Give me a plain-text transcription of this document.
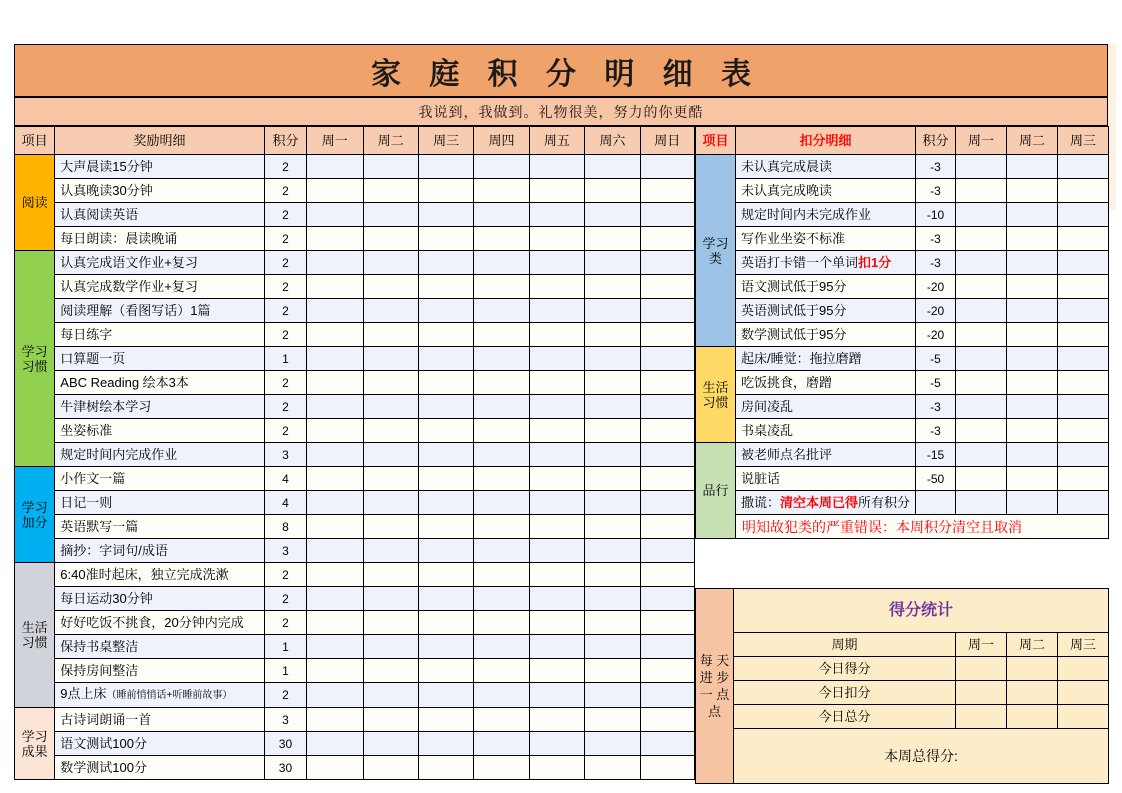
家 庭 积 分 明 细 表
我说到，我做到。礼物很美，努力的你更酷
项目	奖励明细	积分	周一	周二	周三	周四	周五	周六	周日
阅读	大声晨读15分钟	2							
	认真晚读30分钟	2							
	认真阅读英语	2							
	每日朗读：晨读晚诵	2							
学习习惯	认真完成语文作业+复习	2							
	认真完成数学作业+复习	2							
	阅读理解（看图写话）1篇	2							
	每日练字	2							
	口算题一页	1							
	ABC Reading 绘本3本	2							
	牛津树绘本学习	2							
	坐姿标准	2							
	规定时间内完成作业	3							
学习加分	小作文一篇	4							
	日记一则	4							
	英语默写一篇	8							
	摘抄：字词句/成语	3							
生活习惯	6:40准时起床，独立完成洗漱	2							
	每日运动30分钟	2							
	好好吃饭不挑食，20分钟内完成	2							
	保持书桌整洁	1							
	保持房间整洁	1							
	9点上床（睡前悄悄话+听睡前故事）	2							
学习成果	古诗词朗诵一首	3							
	语文测试100分	30							
	数学测试100分	30							
项目	扣分明细	积分	周一	周二	周三
学习类	未认真完成晨读	-3			
	未认真完成晚读	-3			
	规定时间内未完成作业	-10			
	写作业坐姿不标准	-3			
	英语打卡错一个单词扣1分	-3			
	语文测试低于95分	-20			
	英语测试低于95分	-20			
	数学测试低于95分	-20			
生活习惯	起床/睡觉：拖拉磨蹭	-5			
	吃饭挑食，磨蹭	-5			
	房间凌乱	-3			
	书桌凌乱	-3			
品行	被老师点名批评	-15			
	说脏话	-50			
	撒谎：清空本周已得所有积分				
	明知故犯类的严重错误：本周积分清空且取消				
每 天 进 步 一 点 点	得分统计			
	周期	周一	周二	周三
	今日得分			
	今日扣分			
	今日总分			
	本周总得分:			
